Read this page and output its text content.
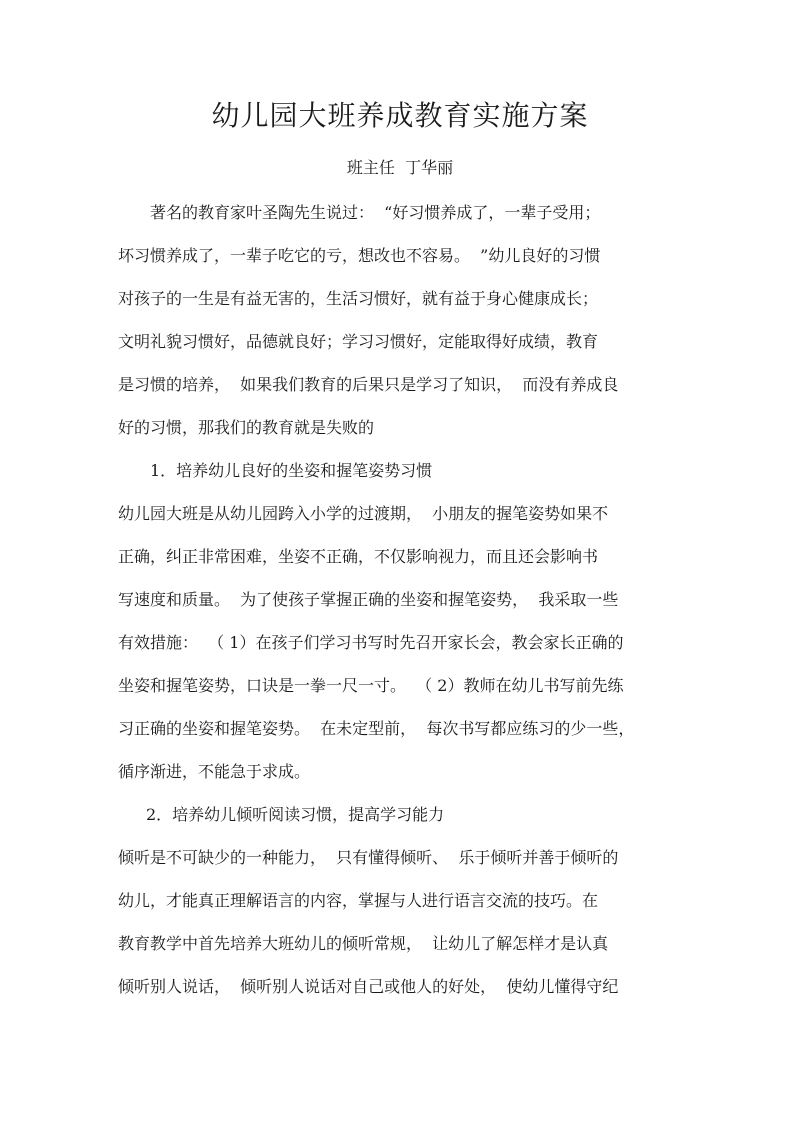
幼儿园大班养成教育实施方案
班主任  丁华丽
著名的教育家叶圣陶先生说过：  “好习惯养成了，一辈子受用；
坏习惯养成了，一辈子吃它的亏，想改也不容易。  ”幼儿良好的习惯
对孩子的一生是有益无害的，生活习惯好，就有益于身心健康成长；
文明礼貌习惯好，品德就良好；学习习惯好，定能取得好成绩，教育
是习惯的培养，  如果我们教育的后果只是学习了知识，  而没有养成良
好的习惯，那我们的教育就是失败的
1．培养幼儿良好的坐姿和握笔姿势习惯
幼儿园大班是从幼儿园跨入小学的过渡期，  小朋友的握笔姿势如果不
正确，纠正非常困难，坐姿不正确，不仅影响视力，而且还会影响书
写速度和质量。  为了使孩子掌握正确的坐姿和握笔姿势，  我采取一些
有效措施：  （ 1）在孩子们学习书写时先召开家长会，教会家长正确的
坐姿和握笔姿势，口诀是一拳一尺一寸。  （ 2）教师在幼儿书写前先练
习正确的坐姿和握笔姿势。  在未定型前，  每次书写都应练习的少一些，
循序渐进，不能急于求成。
2．培养幼儿倾听阅读习惯，提高学习能力
倾听是不可缺少的一种能力，  只有懂得倾听、  乐于倾听并善于倾听的
幼儿，才能真正理解语言的内容，掌握与人进行语言交流的技巧。在
教育教学中首先培养大班幼儿的倾听常规，  让幼儿了解怎样才是认真
倾听别人说话，  倾听别人说话对自己或他人的好处，  使幼儿懂得守纪
